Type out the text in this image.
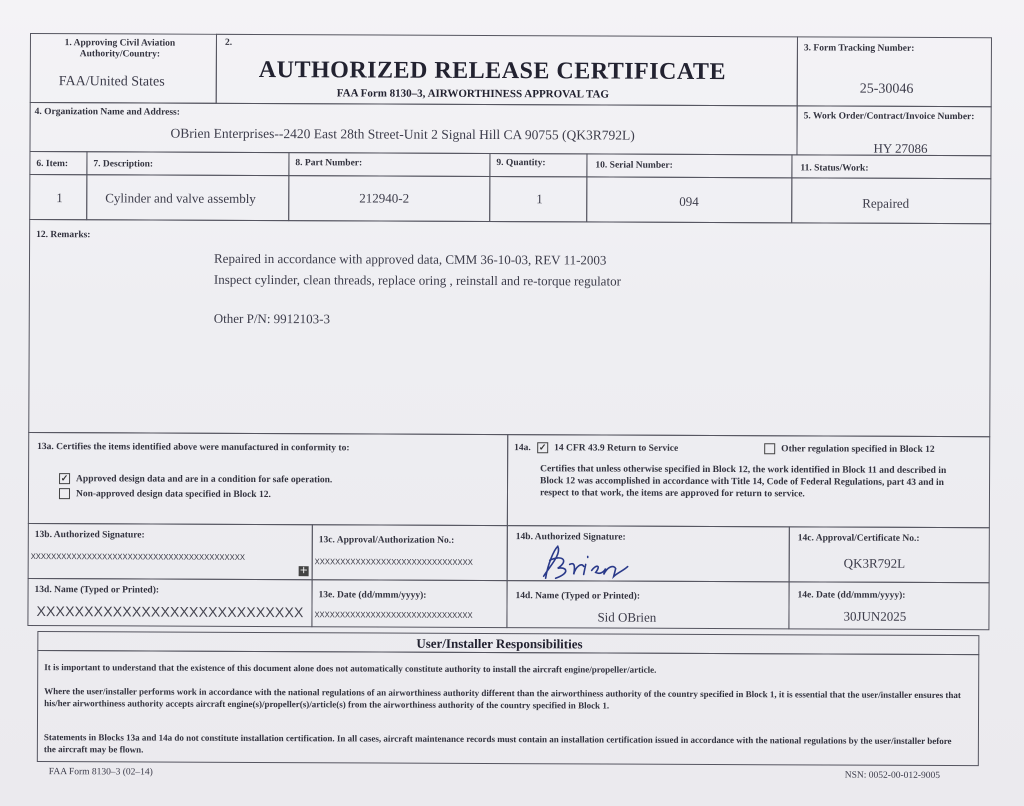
1. Approving Civil Aviation Authority/Country:
FAA/United States
2.
AUTHORIZED RELEASE CERTIFICATE
FAA Form 8130–3, AIRWORTHINESS APPROVAL TAG
3. Form Tracking Number:
25-30046
4. Organization Name and Address:
OBrien Enterprises--2420 East 28th Street-Unit 2 Signal Hill CA 90755 (QK3R792L)
5. Work Order/Contract/Invoice Number:
HY 27086
6. Item:	7. Description:	8. Part Number:	9. Quantity:	10. Serial Number:	11. Status/Work:
1	Cylinder and valve assembly	212940-2	1	094	Repaired
12. Remarks:
Repaired in accordance with approved data, CMM 36-10-03, REV 11-2003
Inspect cylinder, clean threads, replace oring , reinstall and re-torque regulator
Other P/N: 9912103-3
13a. Certifies the items identified above were manufactured in conformity to:
✓ Approved design data and are in a condition for safe operation.
Non-approved design data specified in Block 12.
14a. ✓ 14 CFR 43.9 Return to Service	Other regulation specified in Block 12
Certifies that unless otherwise specified in Block 12, the work identified in Block 11 and described in Block 12 was accomplished in accordance with Title 14, Code of Federal Regulations, part 43 and in respect to that work, the items are approved for return to service.
13b. Authorized Signature:
XXXXXXXXXXXXXXXXXXXXXXXXXXXXXXXXXXXXXXXXXX
+
13c. Approval/Authorization No.:
XXXXXXXXXXXXXXXXXXXXXXXXXXXXXXX
14b. Authorized Signature:	14c. Approval/Certificate No.:
QK3R792L
13d. Name (Typed or Printed):
XXXXXXXXXXXXXXXXXXXXXXXXXXXX
13e. Date (dd/mmm/yyyy):
XXXXXXXXXXXXXXXXXXXXXXXXXXXXXXX
14d. Name (Typed or Printed):
Sid OBrien
14e. Date (dd/mmm/yyyy):
30JUN2025
User/Installer Responsibilities
It is important to understand that the existence of this document alone does not automatically constitute authority to install the aircraft engine/propeller/article.
Where the user/installer performs work in accordance with the national regulations of an airworthiness authority different than the airworthiness authority of the country specified in Block 1, it is essential that the user/installer ensures that his/her airworthiness authority accepts aircraft engine(s)/propeller(s)/article(s) from the airworthiness authority of the country specified in Block 1.
Statements in Blocks 13a and 14a do not constitute installation certification. In all cases, aircraft maintenance records must contain an installation certification issued in accordance with the national regulations by the user/installer before the aircraft may be flown.
FAA Form 8130–3 (02–14)	NSN: 0052-00-012-9005
